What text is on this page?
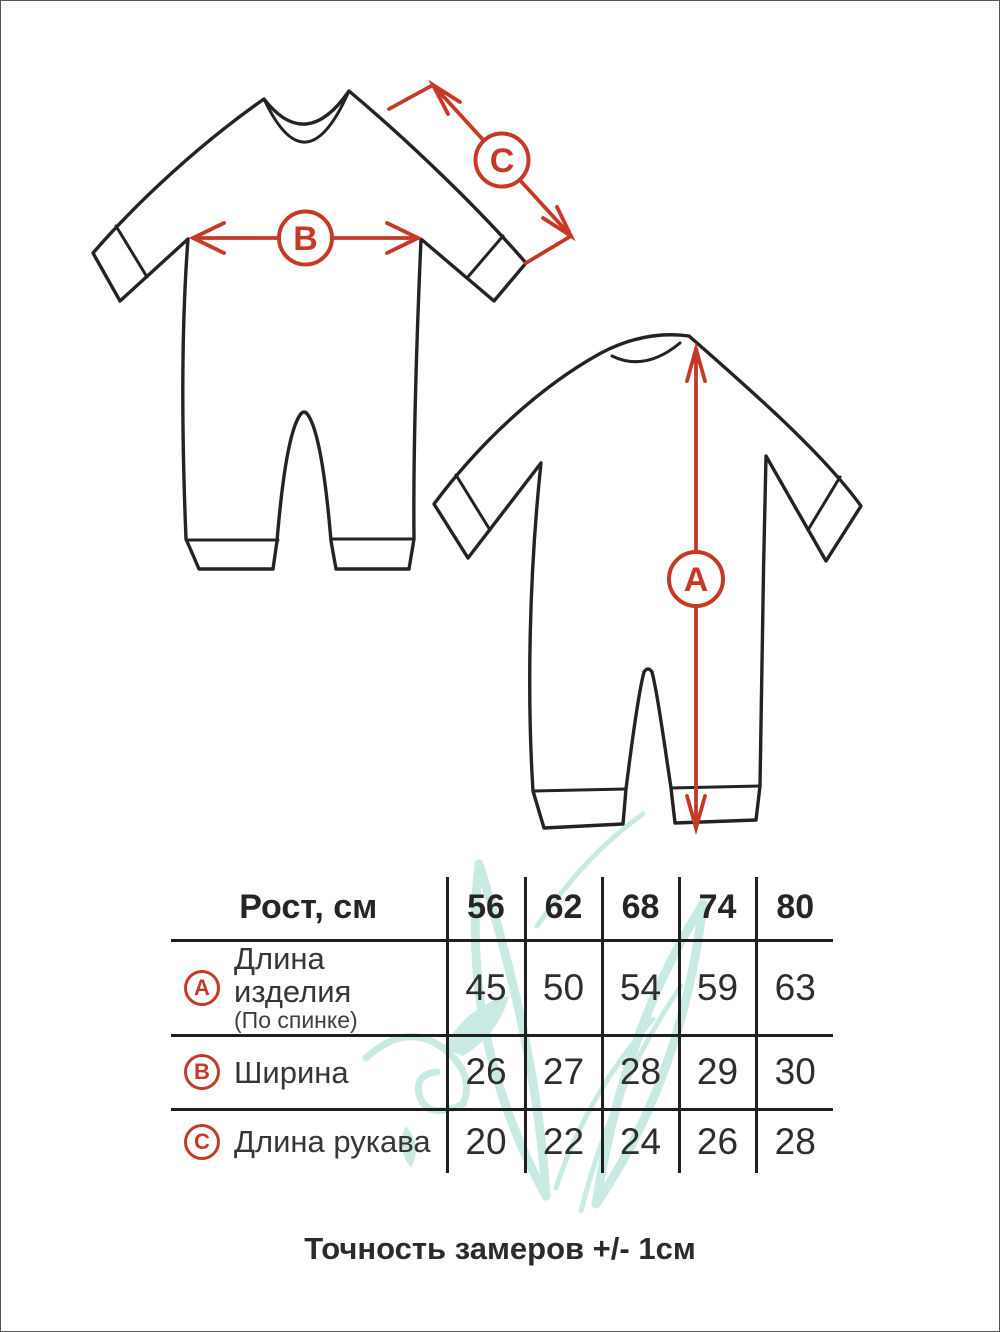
B
C
A
Рост, см	56	62	68	74	80

A
Длина изделия
(По спинке)	45	50	54	59	63

B Ширина	26	27	28	29	30

C Длина рукава	20	22	24	26	28
Точность замеров +/- 1см
